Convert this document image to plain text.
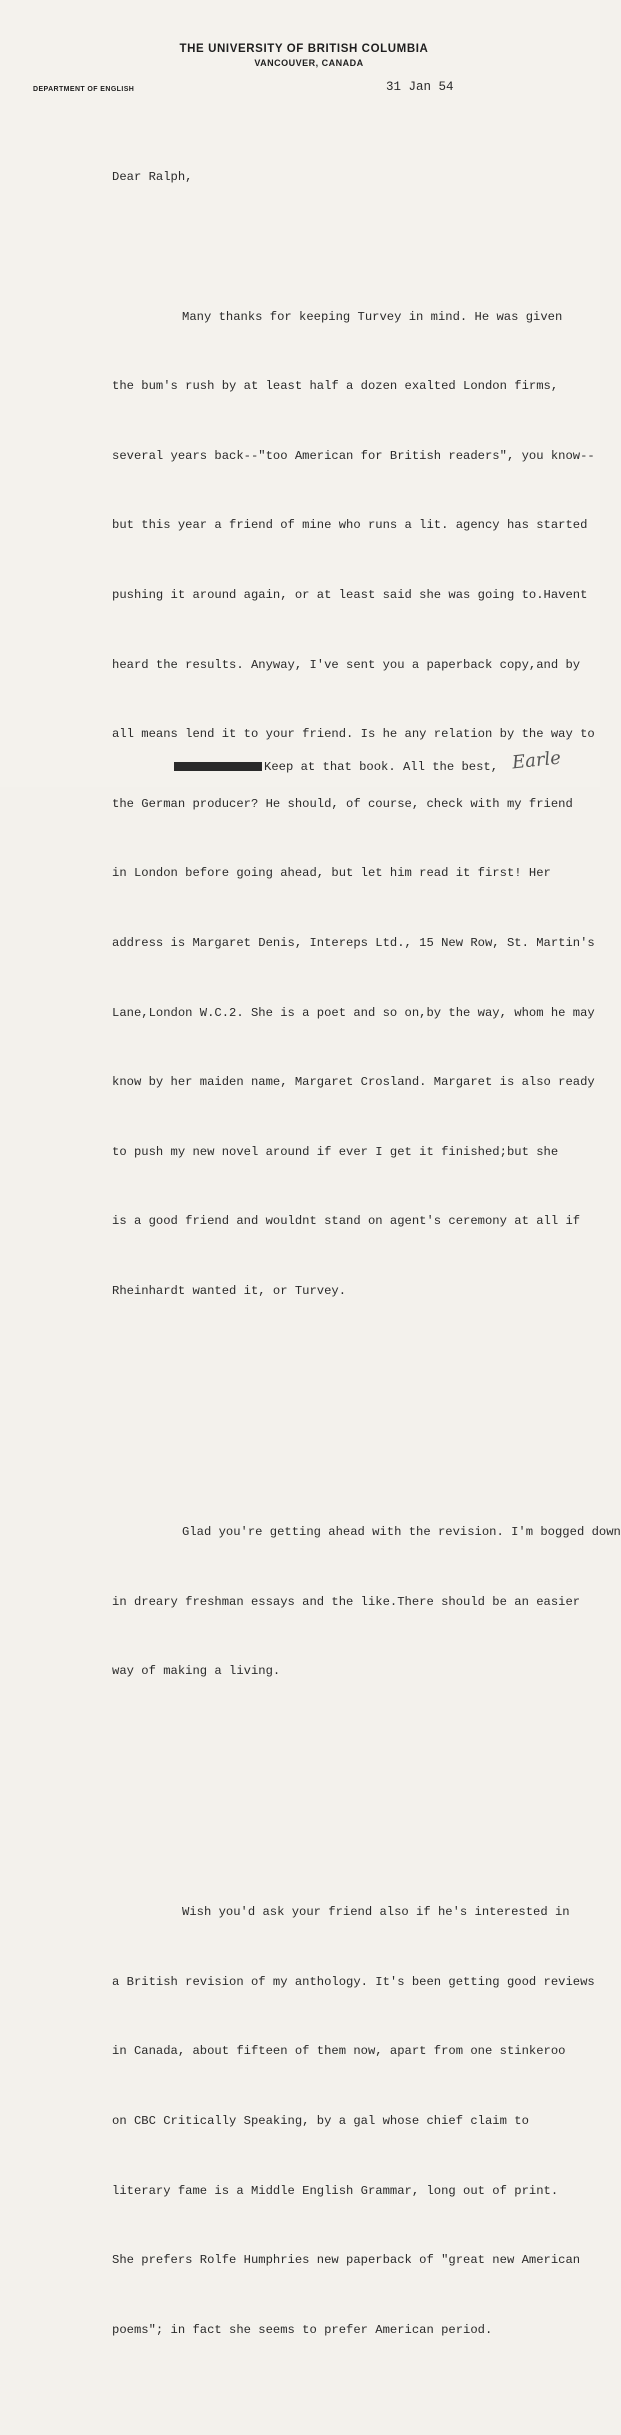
THE UNIVERSITY OF BRITISH COLUMBIA
VANCOUVER, CANADA
DEPARTMENT OF ENGLISH	31 Jan 54

Dear Ralph,

Many thanks for keeping Turvey in mind. He was given

the bum's rush by at least half a dozen exalted London firms,

several years back--"too American for British readers", you know--

but this year a friend of mine who runs a lit. agency has started

pushing it around again, or at least said she was going to.Havent

heard the results. Anyway, I've sent you a paperback copy,and by

all means lend it to your friend. Is he any relation by the way to

the German producer? He should, of course, check with my friend

in London before going ahead, but let him read it first! Her

address is Margaret Denis, Intereps Ltd., 15 New Row, St. Martin's

Lane,London W.C.2. She is a poet and so on,by the way, whom he may

know by her maiden name, Margaret Crosland. Margaret is also ready

to push my new novel around if ever I get it finished;but she

is a good friend and wouldnt stand on agent's ceremony at all if

Rheinhardt wanted it, or Turvey.

Glad you're getting ahead with the revision. I'm bogged down

in dreary freshman essays and the like.There should be an easier

way of making a living.

Wish you'd ask your friend also if he's interested in

a British revision of my anthology. It's been getting good reviews

in Canada, about fifteen of them now, apart from one stinkeroo

on CBC Critically Speaking, by a gal whose chief claim to

literary fame is a Middle English Grammar, long out of print.

She prefers Rolfe Humphries new paperback of "great new American

poems"; in fact she seems to prefer American period.

Keep at that book. All the best, Earle
